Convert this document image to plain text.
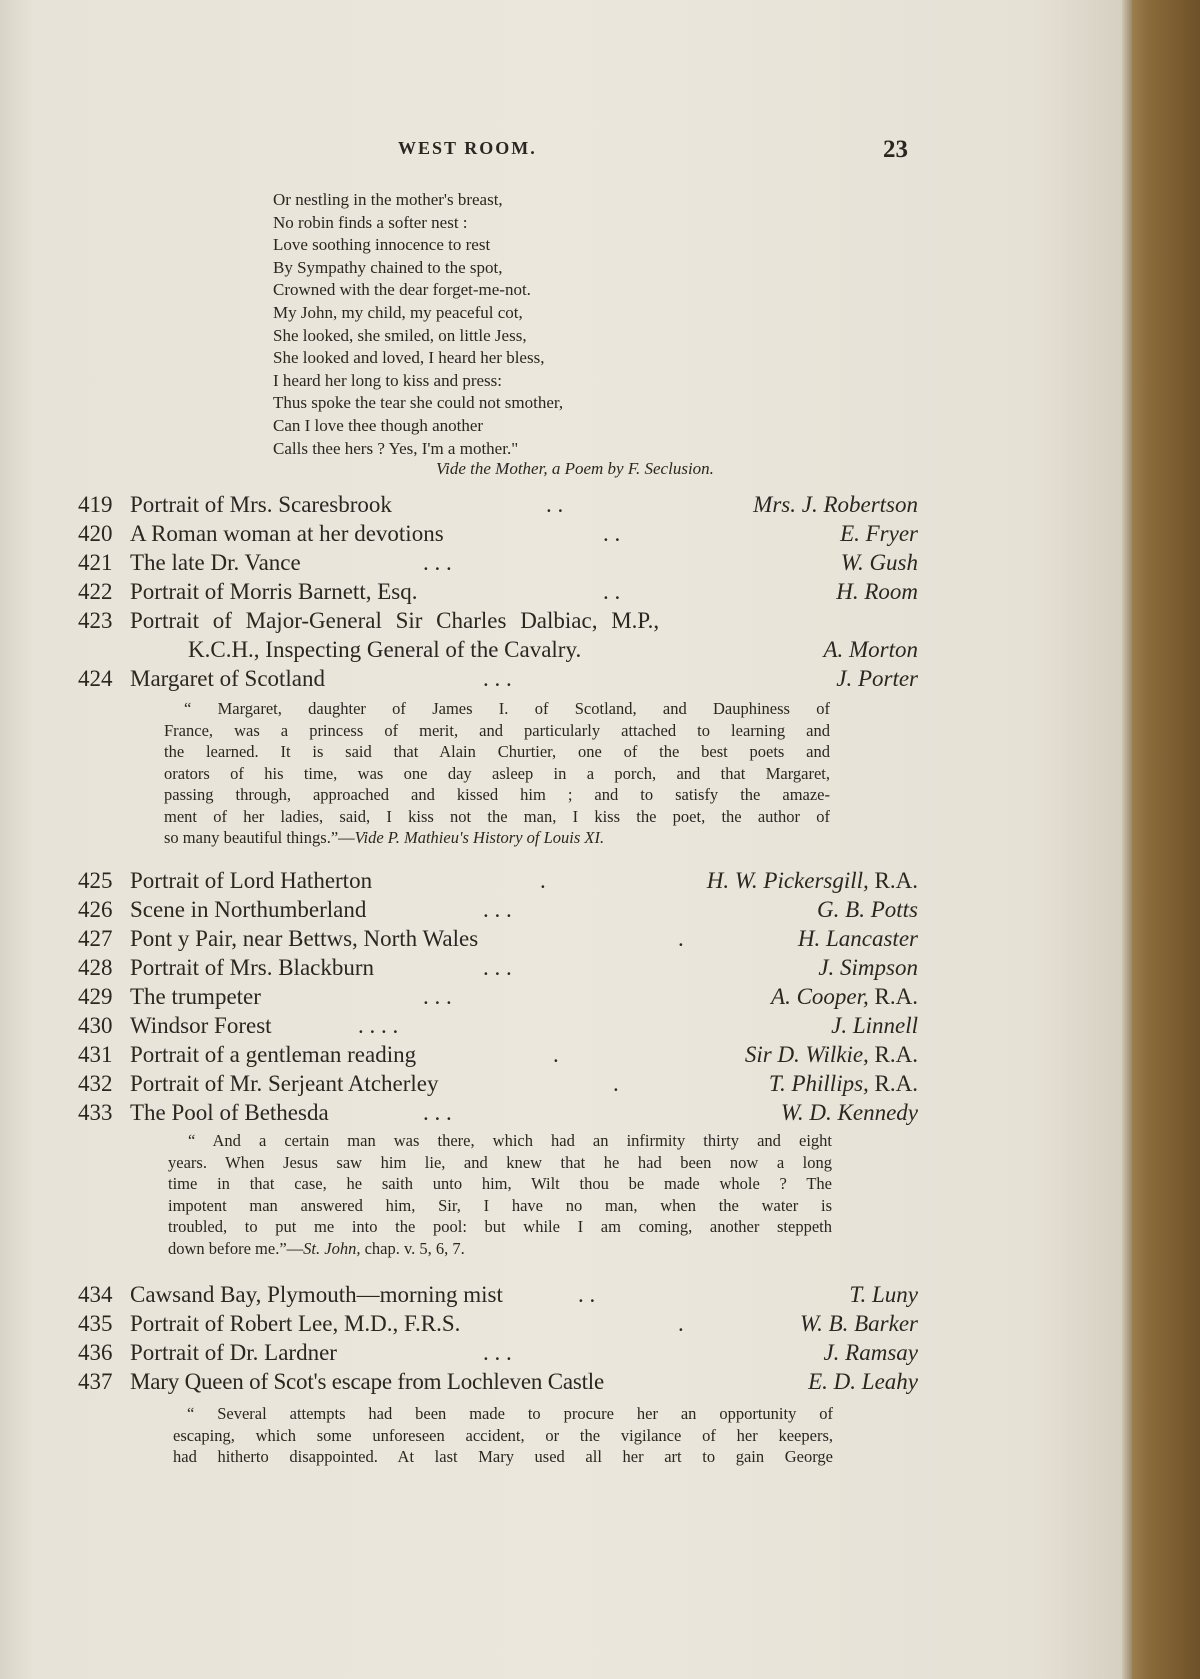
WEST ROOM.	23
Or nestling in the mother's breast,
No robin finds a softer nest :
Love soothing innocence to rest
By Sympathy chained to the spot,
Crowned with the dear forget-me-not.
My John, my child, my peaceful cot,
She looked, she smiled, on little Jess,
She looked and loved, I heard her bless,
I heard her long to kiss and press:
Thus spoke the tear she could not smother,
Can I love thee though another
Calls thee hers ? Yes, I'm a mother."
Vide the Mother, a Poem by F. Seclusion.
419 Portrait of Mrs. Scaresbrook	. .	Mrs. J. Robertson
420 A Roman woman at her devotions	. .	E. Fryer
421 The late Dr. Vance	. . .	W. Gush
422 Portrait of Morris Barnett, Esq.	. .	H. Room
423 Portrait of Major-General Sir Charles Dalbiac, M.P.,
K.C.H., Inspecting General of the Cavalry.	A. Morton
424 Margaret of Scotland	. . .	J. Porter
“ Margaret, daughter of James I. of Scotland, and Dauphiness of
France, was a princess of merit, and particularly attached to learning and
the learned. It is said that Alain Churtier, one of the best poets and
orators of his time, was one day asleep in a porch, and that Margaret,
passing through, approached and kissed him ; and to satisfy the amaze-
ment of her ladies, said, I kiss not the man, I kiss the poet, the author of
so many beautiful things.”—Vide P. Mathieu's History of Louis XI.
425 Portrait of Lord Hatherton	.	H. W. Pickersgill, R.A.
426 Scene in Northumberland	. . .	G. B. Potts
427 Pont y Pair, near Bettws, North Wales	.	H. Lancaster
428 Portrait of Mrs. Blackburn	. . .	J. Simpson
429 The trumpeter	. . .	A. Cooper, R.A.
430 Windsor Forest	. . . .	J. Linnell
431 Portrait of a gentleman reading	.	Sir D. Wilkie, R.A.
432 Portrait of Mr. Serjeant Atcherley	.	T. Phillips, R.A.
433 The Pool of Bethesda	. . .	W. D. Kennedy
“ And a certain man was there, which had an infirmity thirty and eight
years. When Jesus saw him lie, and knew that he had been now a long
time in that case, he saith unto him, Wilt thou be made whole ? The
impotent man answered him, Sir, I have no man, when the water is
troubled, to put me into the pool: but while I am coming, another steppeth
down before me.”—St. John, chap. v. 5, 6, 7.
434 Cawsand Bay, Plymouth—morning mist	. .	T. Luny
435 Portrait of Robert Lee, M.D., F.R.S.	.	W. B. Barker
436 Portrait of Dr. Lardner	. . .	J. Ramsay
437 Mary Queen of Scot's escape from Lochleven Castle	E. D. Leahy
“ Several attempts had been made to procure her an opportunity of
escaping, which some unforeseen accident, or the vigilance of her keepers,
had hitherto disappointed. At last Mary used all her art to gain George
